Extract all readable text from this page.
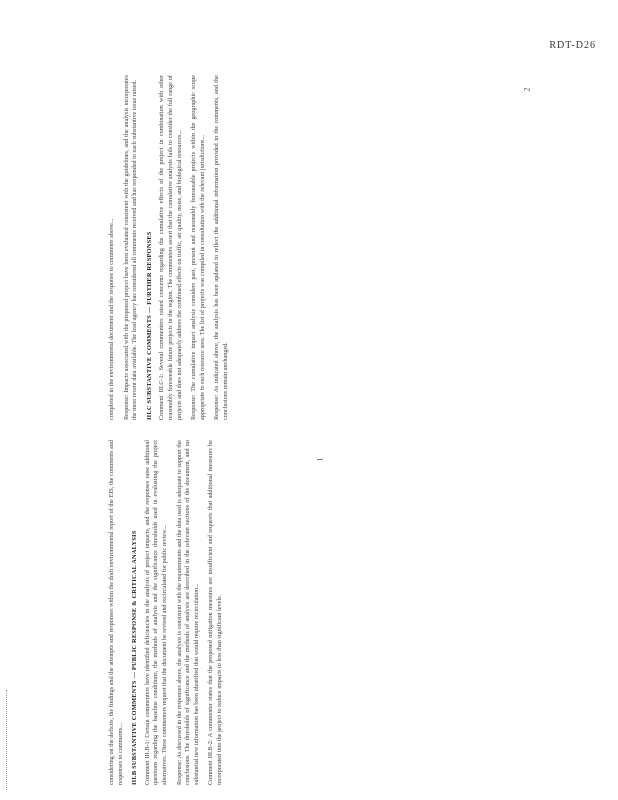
RDT-D26

considering on the deficits, the findings and the attempts and responses within the draft environmental report of the EIS, the comments and responses to comments... III.B SUBSTANTIVE COMMENTS — PUBLIC RESPONSE & CRITICAL ANALYSIS Comment III.B-1: Certain commenters have identified deficiencies in the analysis of project impacts, and the responses raise additional questions regarding the baseline conditions, the methods of analysis and the significance thresholds used in evaluating the project alternatives. These commenters request that the document be revised and recirculated for public review... Response: As discussed in the responses above, the analysis is consistent with the requirements and the data used is adequate to support the conclusions. The thresholds of significance and the methods of analysis are described in the relevant sections of the document, and no substantial new information has been identified that would require recirculation... Comment III.B-2: A commenter states that the proposed mitigation measures are insufficient and requests that additional measures be incorporated into the project to reduce impacts to less than significant levels.

1

completed in the environmental document and the response to comments above... Response: Impacts associated with the proposed project have been evaluated consistent with the guidelines, and the analysis incorporates the most recent data available. The lead agency has considered all comments received and has responded to each substantive issue raised. III.C SUBSTANTIVE COMMENTS — FURTHER RESPONSES Comment III.C-1: Several commenters raised concerns regarding the cumulative effects of the project in combination with other reasonably foreseeable future projects in the region. The commenters assert that the cumulative analysis fails to consider the full range of projects and does not adequately address the combined effects on traffic, air quality, noise, and biological resources... Response: The cumulative impact analysis considers past, present and reasonably foreseeable projects within the geographic scope appropriate to each resource area. The list of projects was compiled in consultation with the relevant jurisdictions... Response: As indicated above, the analysis has been updated to reflect the additional information provided in the comments, and the conclusions remain unchanged.

2
